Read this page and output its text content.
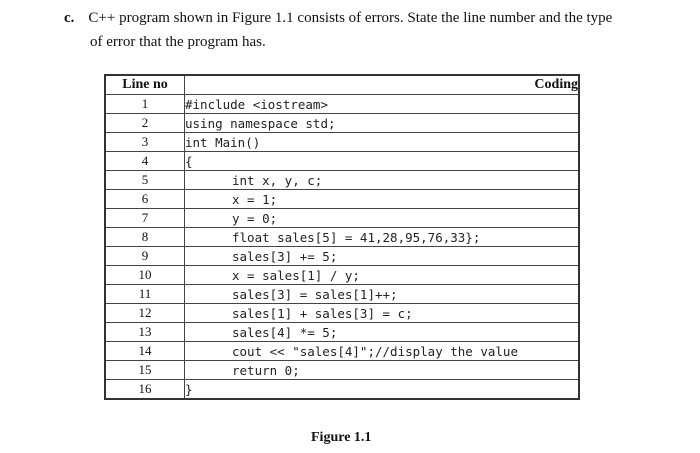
c. C++ program shown in Figure 1.1 consists of errors. State the line number and the type
of error that the program has.
Line no	Coding
1	#include <iostream>
2	using namespace std;
3	int Main()
4	{
5	int x, y, c;
6	x = 1;
7	y = 0;
8	float sales[5] = 41,28,95,76,33};
9	sales[3] += 5;
10	x = sales[1] / y;
11	sales[3] = sales[1]++;
12	sales[1] + sales[3] = c;
13	sales[4] *= 5;
14	cout << "sales[4]";//display the value
15	return 0;
16	}
Figure 1.1
